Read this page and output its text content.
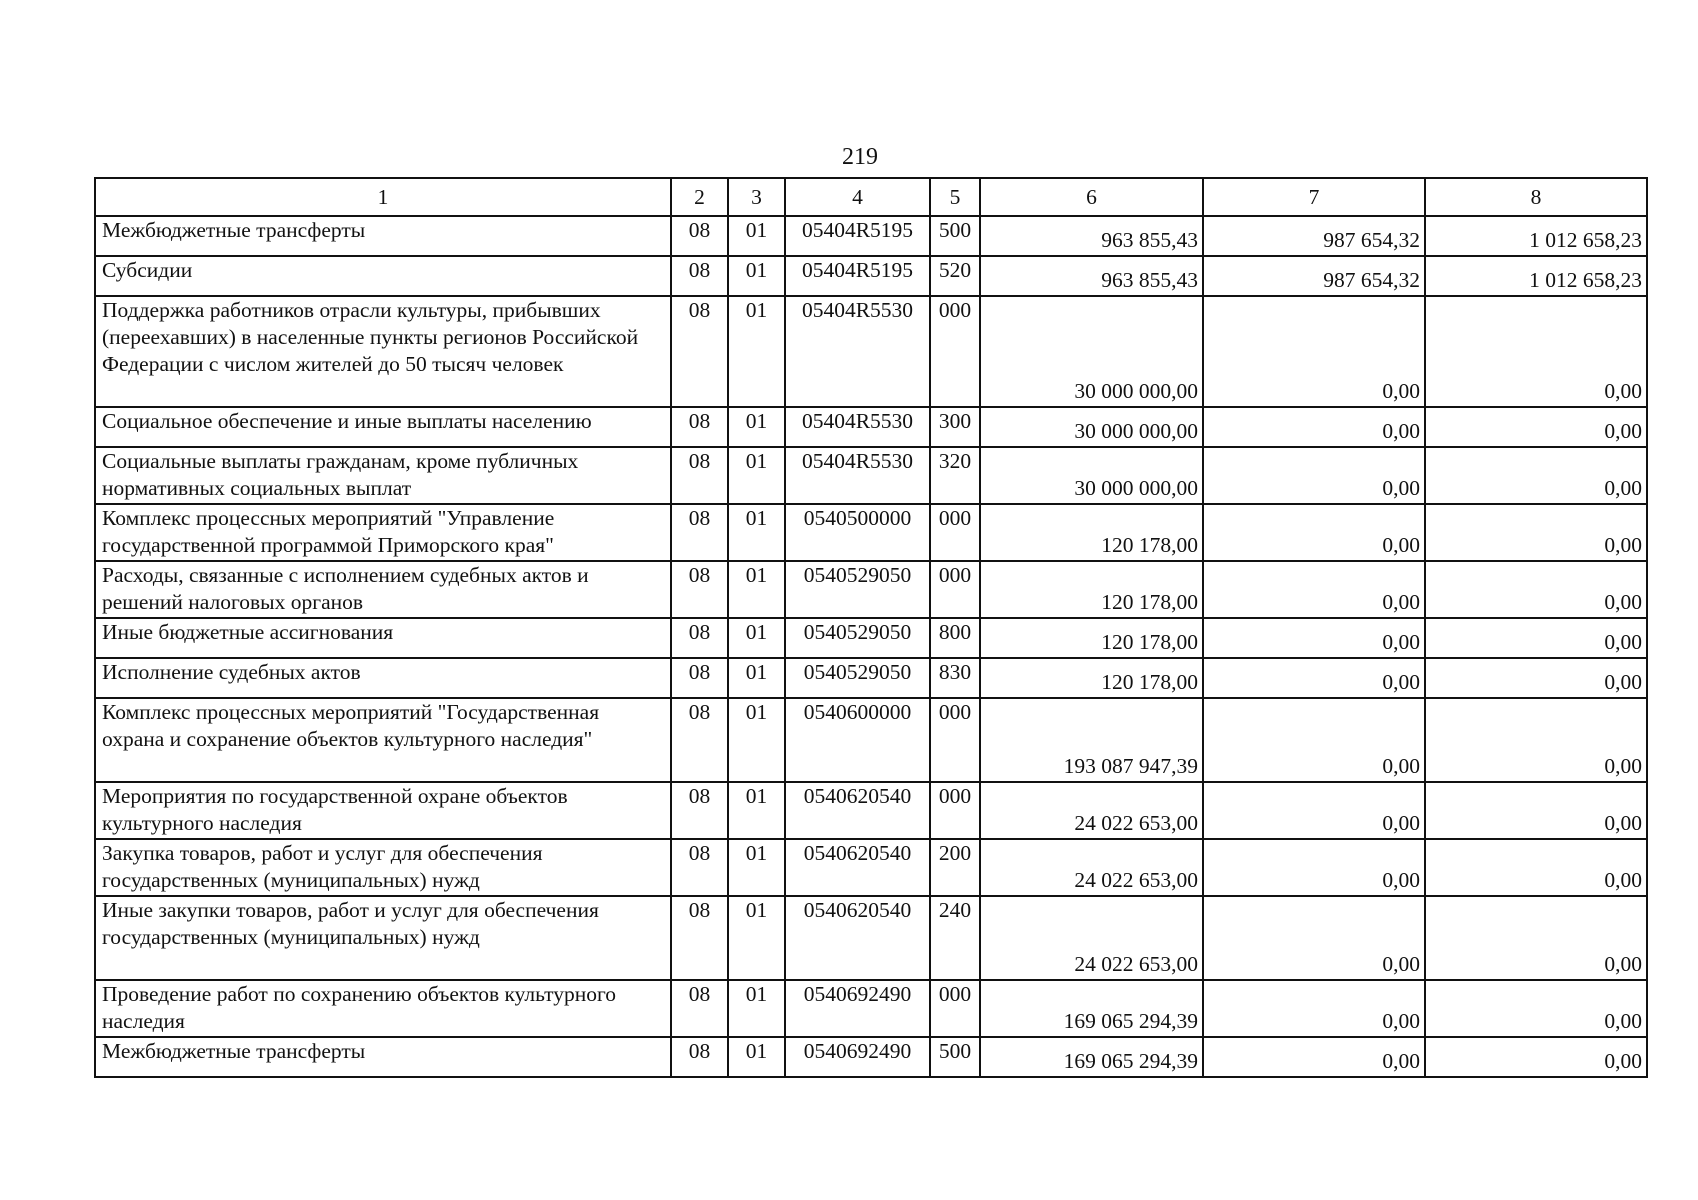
219
1	2	3	4	5	6	7	8
Межбюджетные трансферты	08	01	05404R5195	500	963 855,43	987 654,32	1 012 658,23
Субсидии	08	01	05404R5195	520	963 855,43	987 654,32	1 012 658,23
Поддержка работников отрасли культуры, прибывших (переехавших) в населенные пункты регионов Российской Федерации с числом жителей до 50 тысяч человек	08	01	05404R5530	000	30 000 000,00	0,00	0,00
Социальное обеспечение и иные выплаты населению	08	01	05404R5530	300	30 000 000,00	0,00	0,00
Социальные выплаты гражданам, кроме публичных нормативных социальных выплат	08	01	05404R5530	320	30 000 000,00	0,00	0,00
Комплекс процессных мероприятий "Управление государственной программой Приморского края"	08	01	0540500000	000	120 178,00	0,00	0,00
Расходы, связанные с исполнением судебных актов и решений налоговых органов	08	01	0540529050	000	120 178,00	0,00	0,00
Иные бюджетные ассигнования	08	01	0540529050	800	120 178,00	0,00	0,00
Исполнение судебных актов	08	01	0540529050	830	120 178,00	0,00	0,00
Комплекс процессных мероприятий "Государственная охрана и сохранение объектов культурного наследия"	08	01	0540600000	000	193 087 947,39	0,00	0,00
Мероприятия по государственной охране объектов культурного наследия	08	01	0540620540	000	24 022 653,00	0,00	0,00
Закупка товаров, работ и услуг для обеспечения государственных (муниципальных) нужд	08	01	0540620540	200	24 022 653,00	0,00	0,00
Иные закупки товаров, работ и услуг для обеспечения государственных (муниципальных) нужд	08	01	0540620540	240	24 022 653,00	0,00	0,00
Проведение работ по сохранению объектов культурного наследия	08	01	0540692490	000	169 065 294,39	0,00	0,00
Межбюджетные трансферты	08	01	0540692490	500	169 065 294,39	0,00	0,00
